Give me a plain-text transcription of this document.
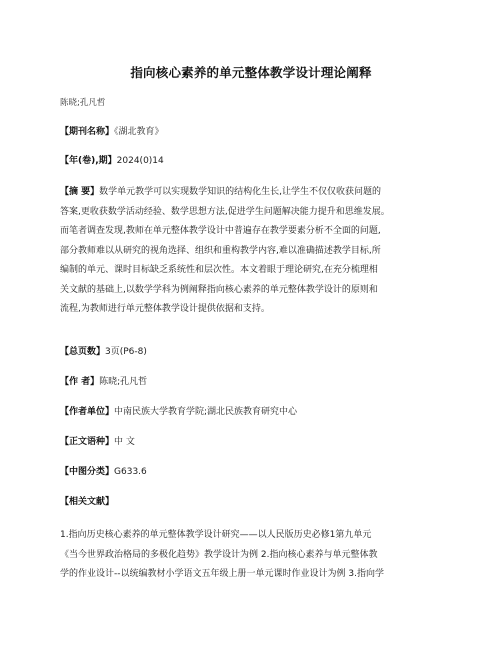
指向核心素养的单元整体教学设计理论阐释
陈晓;孔凡哲
【期刊名称】《湖北教育》
【年(卷),期】2024(0)14
【摘 要】数学单元教学可以实现数学知识的结构化生长,让学生不仅仅收获问题的
答案,更收获数学活动经验、数学思想方法,促进学生问题解决能力提升和思维发展。
而笔者调查发现,教师在单元整体教学设计中普遍存在教学要素分析不全面的问题,
部分教师难以从研究的视角选择、组织和重构教学内容,难以准确描述教学目标,所
编制的单元、课时目标缺乏系统性和层次性。本文着眼于理论研究,在充分梳理相
关文献的基础上,以数学学科为例阐释指向核心素养的单元整体教学设计的原则和
流程,为教师进行单元整体教学设计提供依据和支持。
【总页数】3页(P6-8)
【作 者】陈晓;孔凡哲
【作者单位】中南民族大学教育学院;湖北民族教育研究中心
【正文语种】中 文
【中图分类】G633.6
【相关文献】
1.指向历史核心素养的单元整体教学设计研究——以人民版历史必修1第九单元
《当今世界政治格局的多极化趋势》教学设计为例 2.指向核心素养与单元整体教
学的作业设计--以统编教材小学语文五年级上册一单元课时作业设计为例 3.指向学
